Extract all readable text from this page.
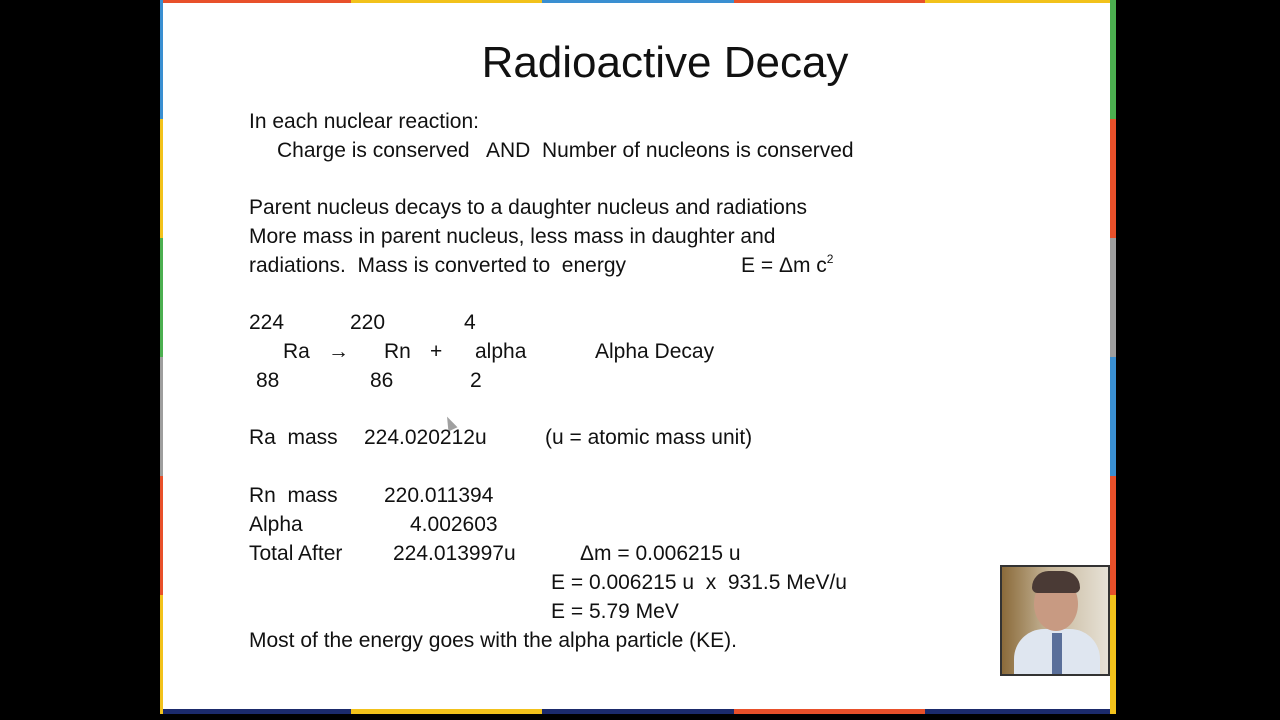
Radioactive Decay
In each nuclear reaction:
Charge is conserved   AND  Number of nucleons is conserved
Parent nucleus decays to a daughter nucleus and radiations
More mass in parent nucleus, less mass in daughter and
radiations.  Mass is converted to  energy	E = Δm $c^2$
224	220	4
Ra → Rn + alpha	Alpha Decay
88	86	2
Ra  mass 224.020212u	(u = atomic mass unit)
Rn  mass 220.011394
Alpha	4.002603
Total After 224.013997u	Δm = 0.006215 u
E = 0.006215 u  x  931.5 MeV/u
E = 5.79 MeV
Most of the energy goes with the alpha particle (KE).
